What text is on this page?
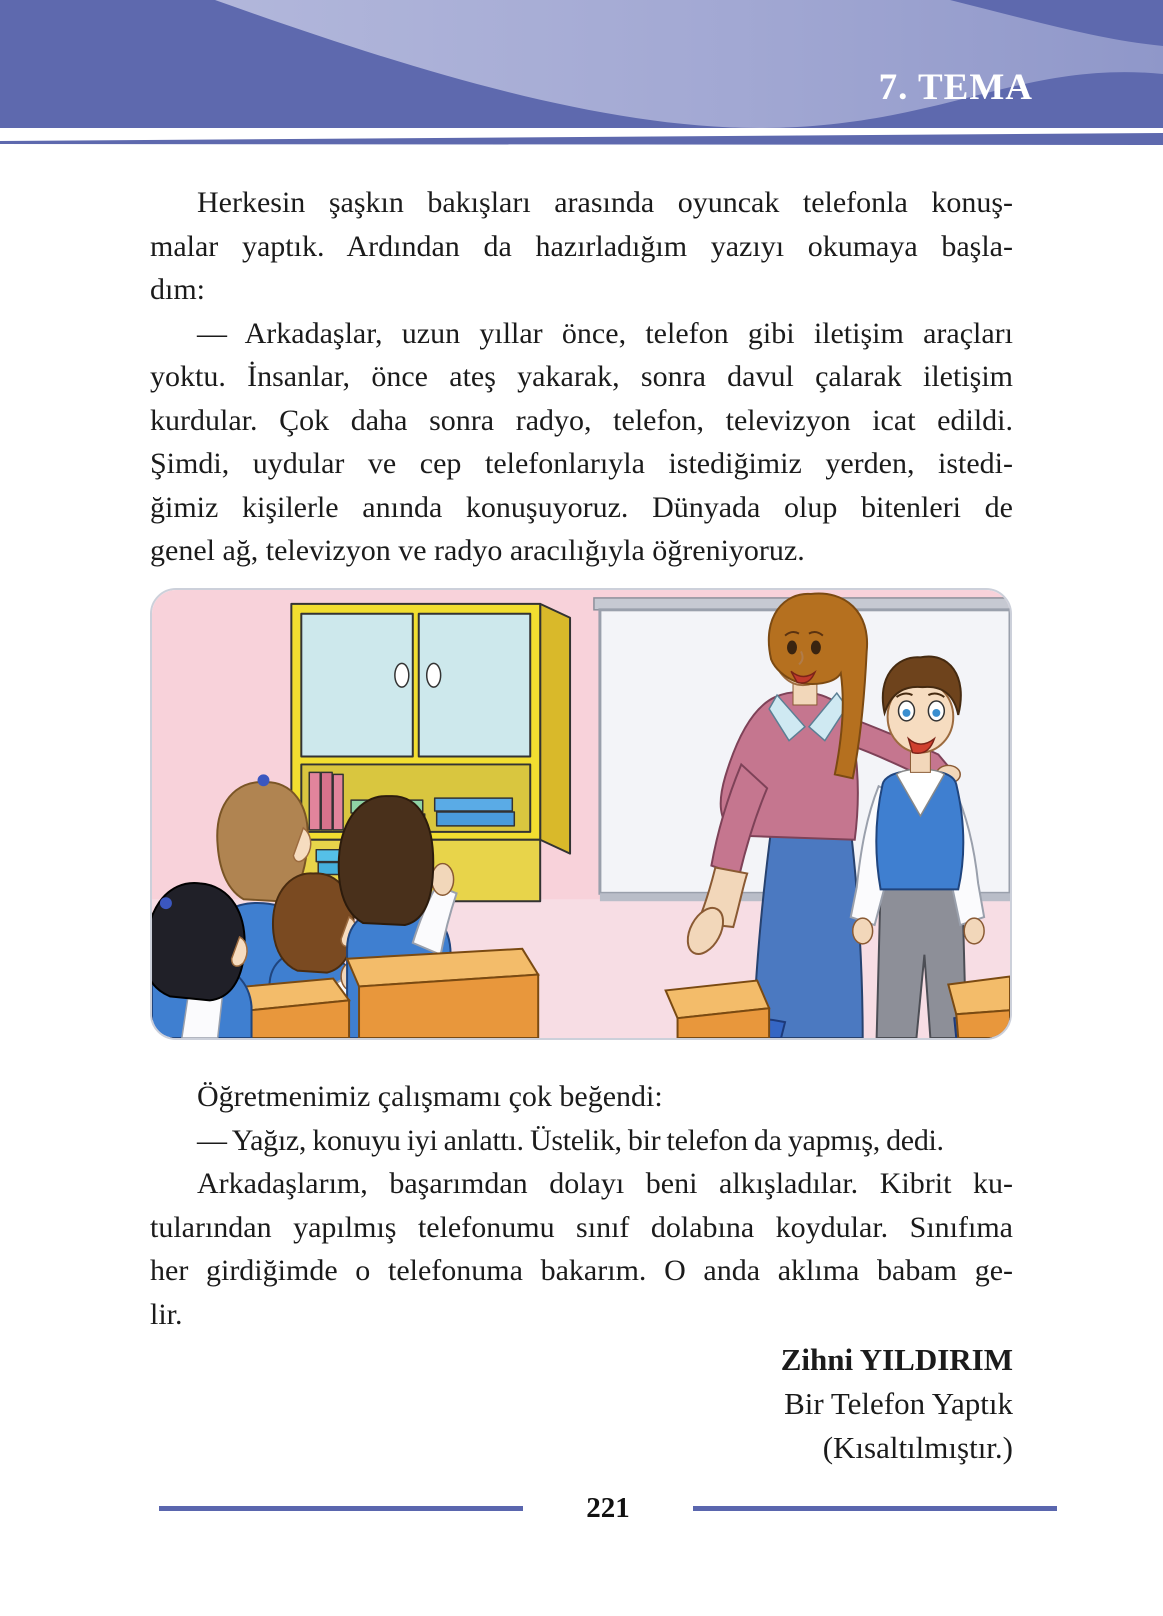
7. TEMA

Herkesin şaşkın bakışları arasında oyuncak telefonla konuş-

malar yaptık. Ardından da hazırladığım yazıyı okumaya başla-

dım:

— Arkadaşlar, uzun yıllar önce, telefon gibi iletişim araçları

yoktu. İnsanlar, önce ateş yakarak, sonra davul çalarak iletişim

kurdular. Çok daha sonra radyo, telefon, televizyon icat edildi.

Şimdi, uydular ve cep telefonlarıyla istediğimiz yerden, istedi-

ğimiz kişilerle anında konuşuyoruz. Dünyada olup bitenleri de

genel ağ, televizyon ve radyo aracılığıyla öğreniyoruz.

Öğretmenimiz çalışmamı çok beğendi:

— Yağız, konuyu iyi anlattı. Üstelik, bir telefon da yapmış, dedi.

Arkadaşlarım, başarımdan dolayı beni alkışladılar. Kibrit ku-

tularından yapılmış telefonumu sınıf dolabına koydular. Sınıfıma

her girdiğimde o telefonuma bakarım. O anda aklıma babam ge-

lir.

Zihni YILDIRIM
Bir Telefon Yaptık
(Kısaltılmıştır.)
221
